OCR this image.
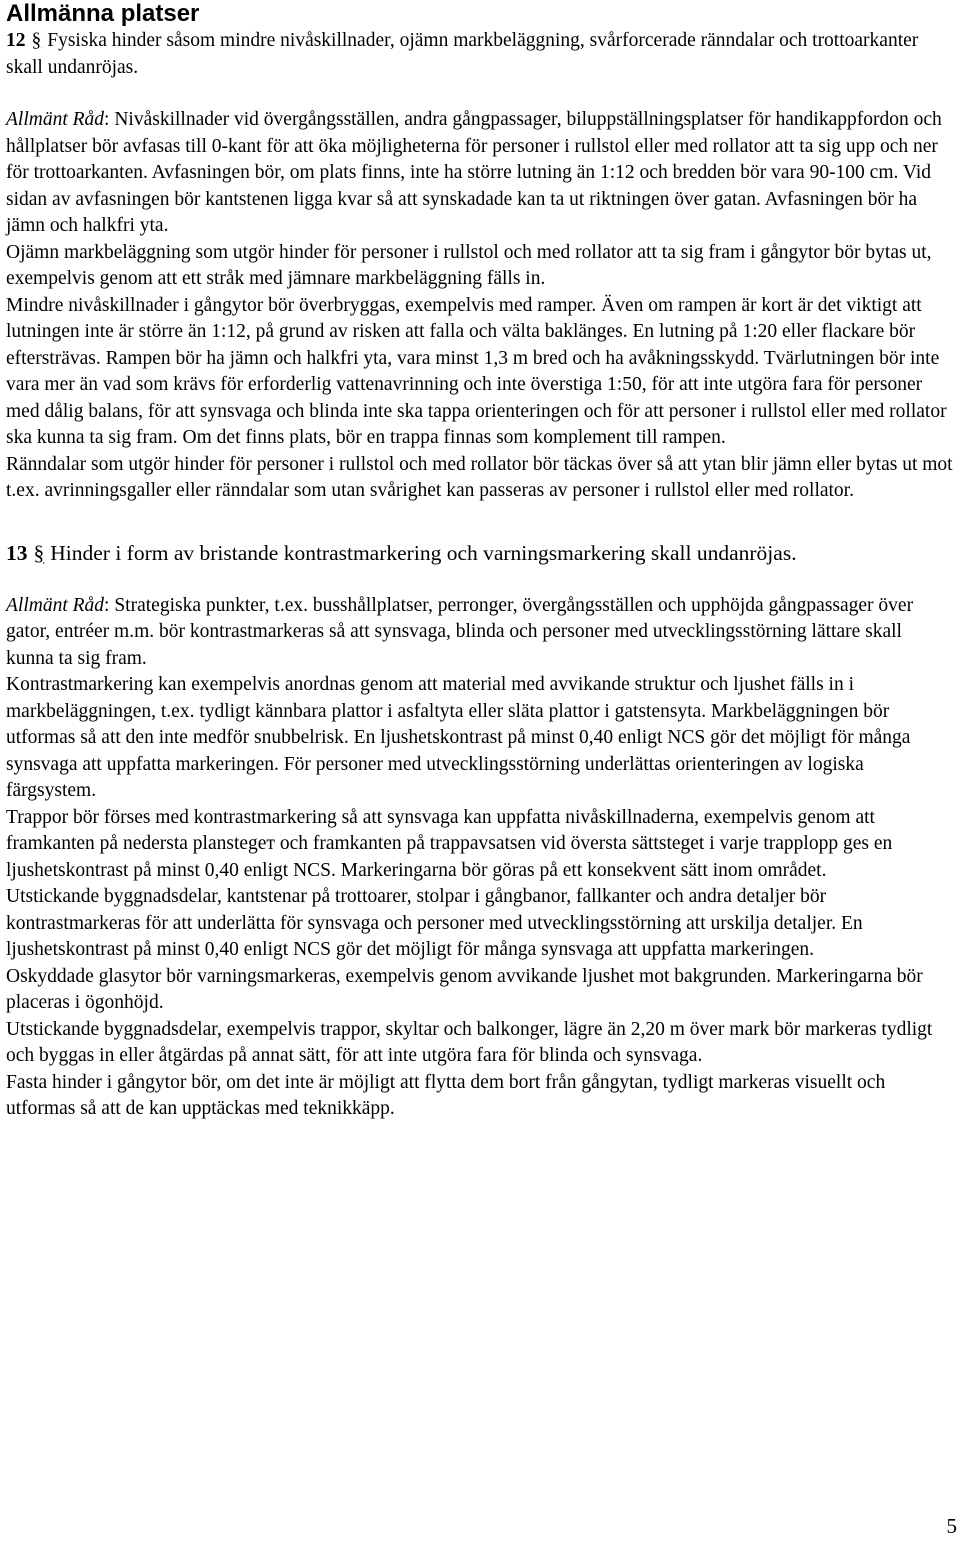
Allmänna platser

12 § Fysiska hinder såsom mindre nivåskillnader, ojämn markbeläggning, svårforcerade ränndalar och trottoarkanter skall undanröjas.

Allmänt Råd: Nivåskillnader vid övergångsställen, andra gångpassager, biluppställningsplatser för handikappfordon och hållplatser bör avfasas till 0-kant för att öka möjligheterna för personer i rullstol eller med rollator att ta sig upp och ner för trottoarkanten. Avfasningen bör, om plats finns, inte ha större lutning än 1:12 och bredden bör vara 90-100 cm. Vid sidan av avfasningen bör kantstenen ligga kvar så att synskadade kan ta ut riktningen över gatan. Avfasningen bör ha jämn och halkfri yta.

Ojämn markbeläggning som utgör hinder för personer i rullstol och med rollator att ta sig fram i gångytor bör bytas ut, exempelvis genom att ett stråk med jämnare markbeläggning fälls in.

Mindre nivåskillnader i gångytor bör överbryggas, exempelvis med ramper. Även om rampen är kort är det viktigt att lutningen inte är större än 1:12, på grund av risken att falla och välta baklänges. En lutning på 1:20 eller flackare bör eftersträvas. Rampen bör ha jämn och halkfri yta, vara minst 1,3 m bred och ha avåkningsskydd. Tvärlutningen bör inte vara mer än vad som krävs för erforderlig vattenavrinning och inte överstiga 1:50, för att inte utgöra fara för personer med dålig balans, för att synsvaga och blinda inte ska tappa orienteringen och för att personer i rullstol eller med rollator ska kunna ta sig fram. Om det finns plats, bör en trappa finnas som komplement till rampen.

Ränndalar som utgör hinder för personer i rullstol och med rollator bör täckas över så att ytan blir jämn eller bytas ut mot t.ex. avrinningsgaller eller ränndalar som utan svårighet kan passeras av personer i rullstol eller med rollator.

13 § Hinder i form av bristande kontrastmarkering och varningsmarkering skall undanröjas.

Allmänt Råd: Strategiska punkter, t.ex. busshållplatser, perronger, övergångsställen och upphöjda gångpassager över gator, entréer m.m. bör kontrastmarkeras så att synsvaga, blinda och personer med utvecklingsstörning lättare skall kunna ta sig fram.

Kontrastmarkering kan exempelvis anordnas genom att material med avvikande struktur och ljushet fälls in i markbeläggningen, t.ex. tydligt kännbara plattor i asfaltyta eller släta plattor i gatstensyta. Markbeläggningen bör utformas så att den inte medför snubbelrisk. En ljushetskontrast på minst 0,40 enligt NCS gör det möjligt för många synsvaga att uppfatta markeringen. För personer med utvecklingsstörning underlättas orienteringen av logiska färgsystem.

Trappor bör förses med kontrastmarkering så att synsvaga kan uppfatta nivåskillnaderna, exempelvis genom att framkanten på nedersta planstegет och framkanten på trappavsatsen vid översta sättsteget i varje trapplopp ges en ljushetskontrast på minst 0,40 enligt NCS. Markeringarna bör göras på ett konsekvent sätt inom området.

Utstickande byggnadsdelar, kantstenar på trottoarer, stolpar i gångbanor, fallkanter och andra detaljer bör kontrastmarkeras för att underlätta för synsvaga och personer med utvecklingsstörning att urskilja detaljer. En ljushetskontrast på minst 0,40 enligt NCS gör det möjligt för många synsvaga att uppfatta markeringen.

Oskyddade glasytor bör varningsmarkeras, exempelvis genom avvikande ljushet mot bakgrunden. Markeringarna bör placeras i ögonhöjd.

Utstickande byggnadsdelar, exempelvis trappor, skyltar och balkonger, lägre än 2,20 m över mark bör markeras tydligt och byggas in eller åtgärdas på annat sätt, för att inte utgöra fara för blinda och synsvaga.

Fasta hinder i gångytor bör, om det inte är möjligt att flytta dem bort från gångytan, tydligt markeras visuellt och utformas så att de kan upptäckas med teknikkäpp.

5
